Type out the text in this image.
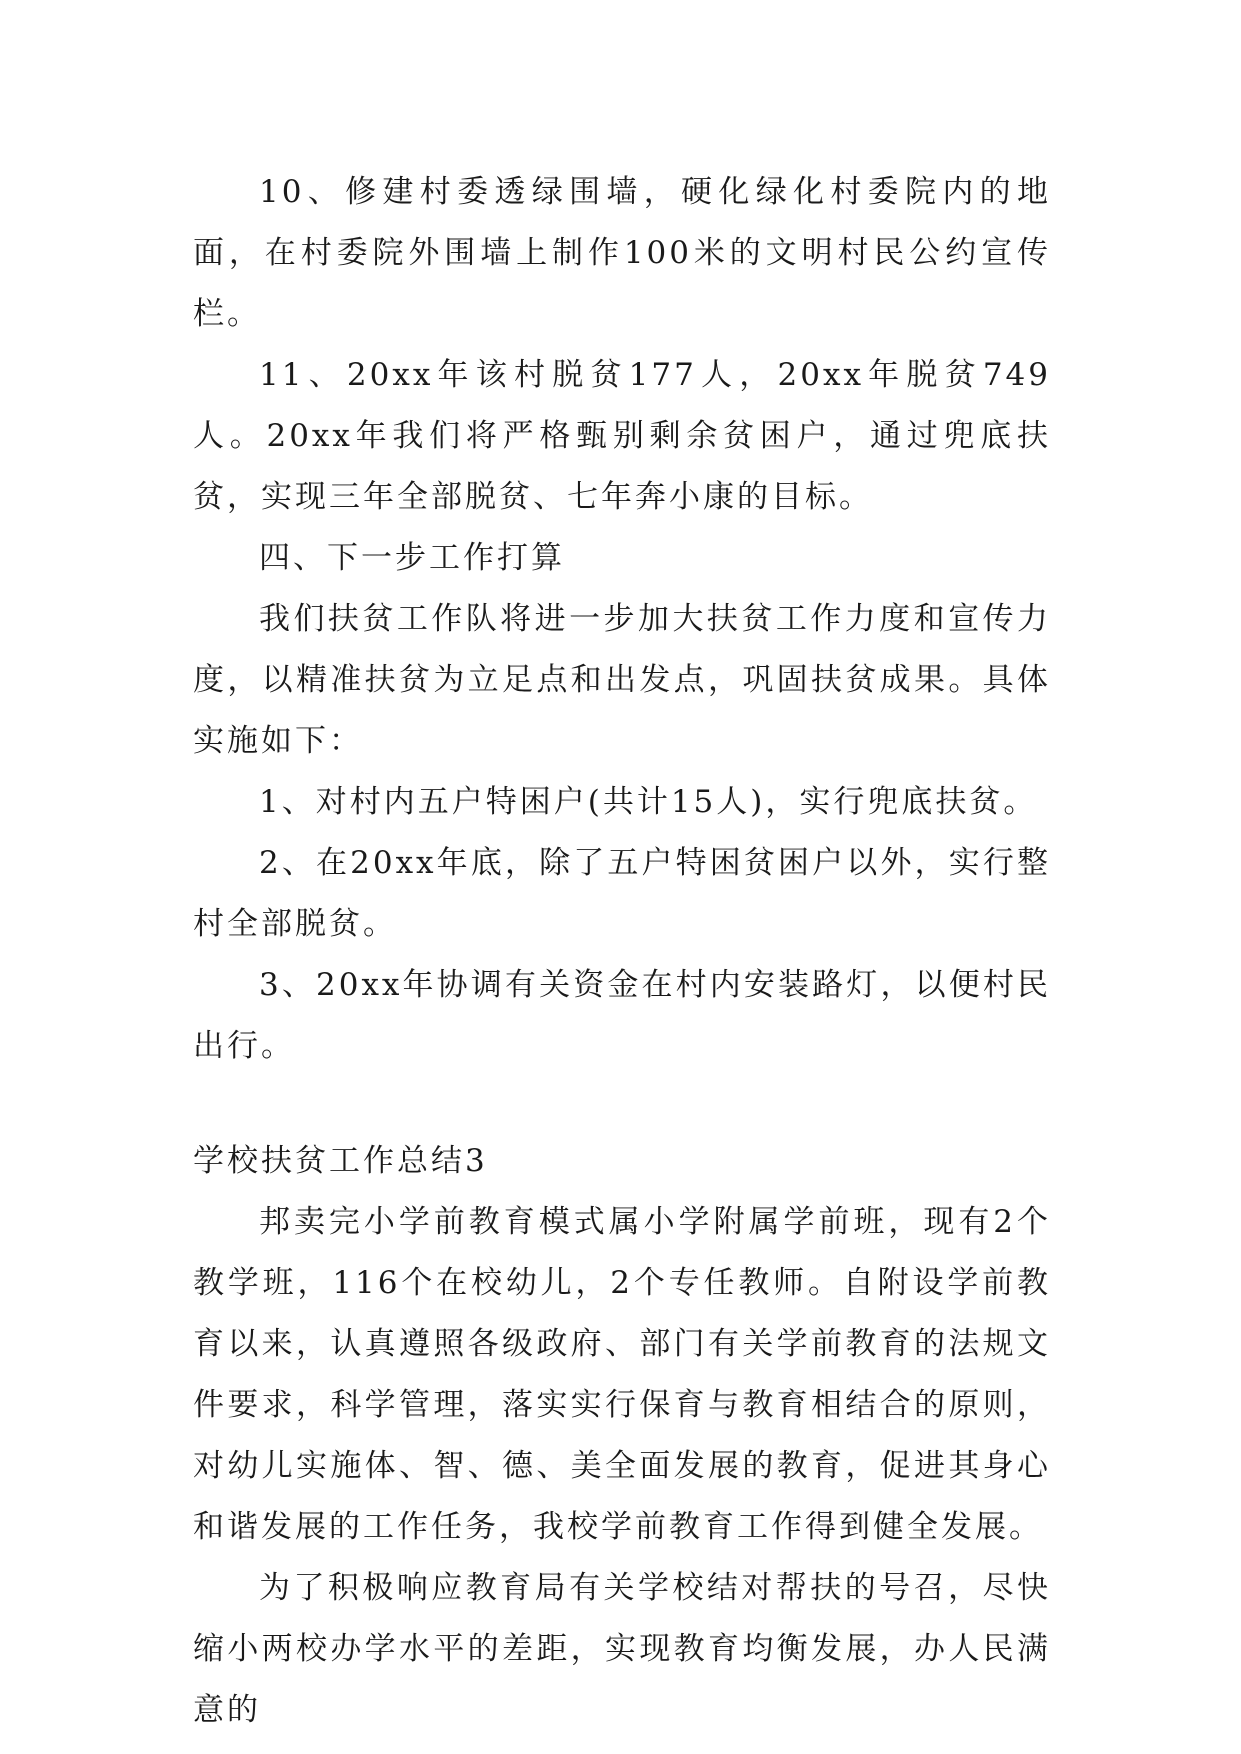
10、修建村委透绿围墙，硬化绿化村委院内的地面，在村委院外围墙上制作100米的文明村民公约宣传栏。

11、20xx年该村脱贫177人，20xx年脱贫749人。20xx年我们将严格甄别剩余贫困户，通过兜底扶贫，实现三年全部脱贫、七年奔小康的目标。

四、下一步工作打算

我们扶贫工作队将进一步加大扶贫工作力度和宣传力度，以精准扶贫为立足点和出发点，巩固扶贫成果。具体实施如下：

1、对村内五户特困户(共计15人)，实行兜底扶贫。

2、在20xx年底，除了五户特困贫困户以外，实行整村全部脱贫。

3、20xx年协调有关资金在村内安装路灯，以便村民出行。

学校扶贫工作总结3

邦卖完小学前教育模式属小学附属学前班，现有2个教学班，116个在校幼儿，2个专任教师。自附设学前教育以来，认真遵照各级政府、部门有关学前教育的法规文件要求，科学管理，落实实行保育与教育相结合的原则，对幼儿实施体、智、德、美全面发展的教育，促进其身心和谐发展的工作任务，我校学前教育工作得到健全发展。

为了积极响应教育局有关学校结对帮扶的号召，尽快缩小两校办学水平的差距，实现教育均衡发展，办人民满意的
